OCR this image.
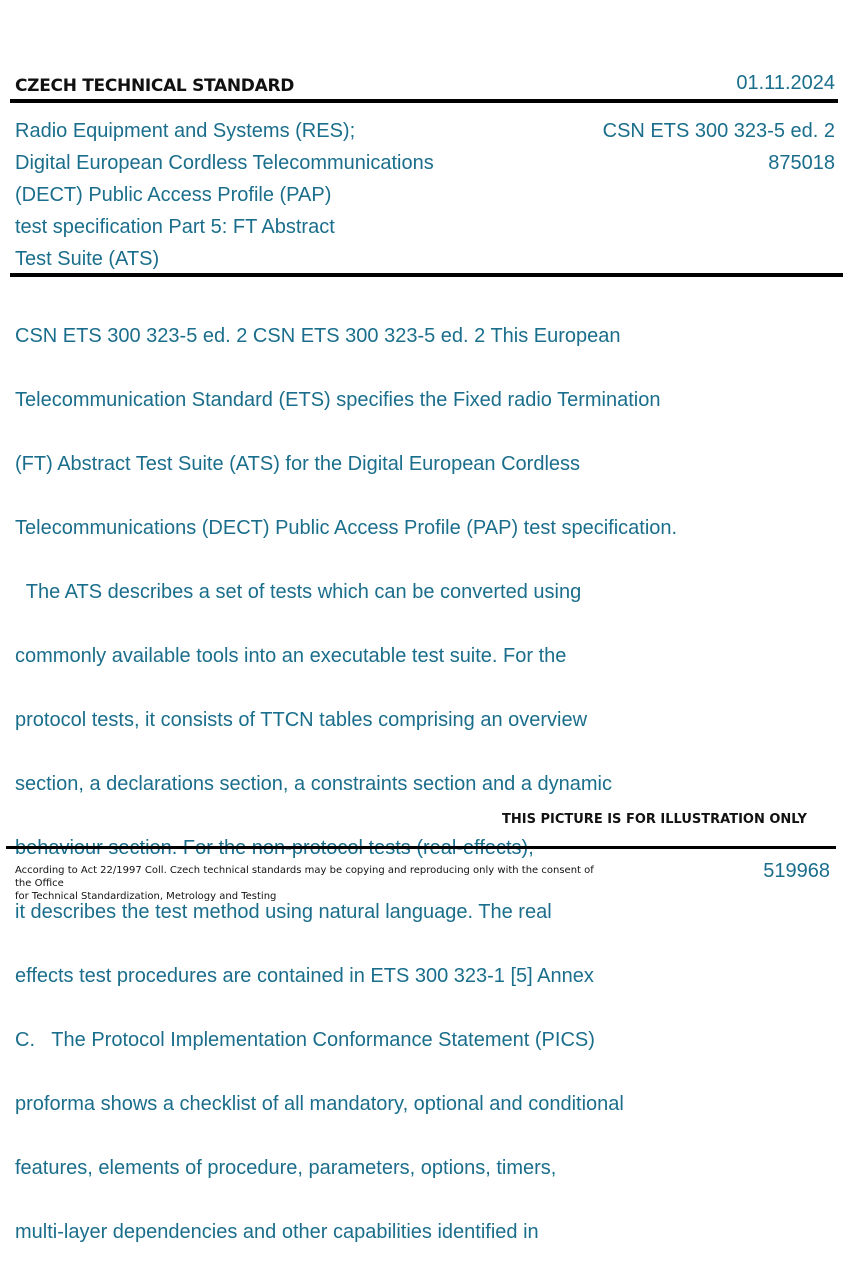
CZECH TECHNICAL STANDARD	01.11.2024
Radio Equipment and Systems (RES);
Digital European Cordless Telecommunications
(DECT) Public Access Profile (PAP)
test specification Part 5: FT Abstract
Test Suite (ATS)
CSN ETS 300 323-5 ed. 2
875018

CSN ETS 300 323-5 ed. 2 CSN ETS 300 323-5 ed. 2 This European

Telecommunication Standard (ETS) specifies the Fixed radio Termination

(FT) Abstract Test Suite (ATS) for the Digital European Cordless

Telecommunications (DECT) Public Access Profile (PAP) test specification.

The ATS describes a set of tests which can be converted using

commonly available tools into an executable test suite. For the

protocol tests, it consists of TTCN tables comprising an overview

section, a declarations section, a constraints section and a dynamic

it describes the test method using natural language. The real

effects test procedures are contained in ETS 300 323-1 [5] Annex

C.   The Protocol Implementation Conformance Statement (PICS)

proforma shows a checklist of all mandatory, optional and conditional

features, elements of procedure, parameters, options, timers,

multi-layer dependencies and other capabilities identified in

THIS PICTURE IS FOR ILLUSTRATION ONLY
According to Act 22/1997 Coll. Czech technical standards may be copying and reproducing only with the consent of the Office
for Technical Standardization, Metrology and Testing
519968
